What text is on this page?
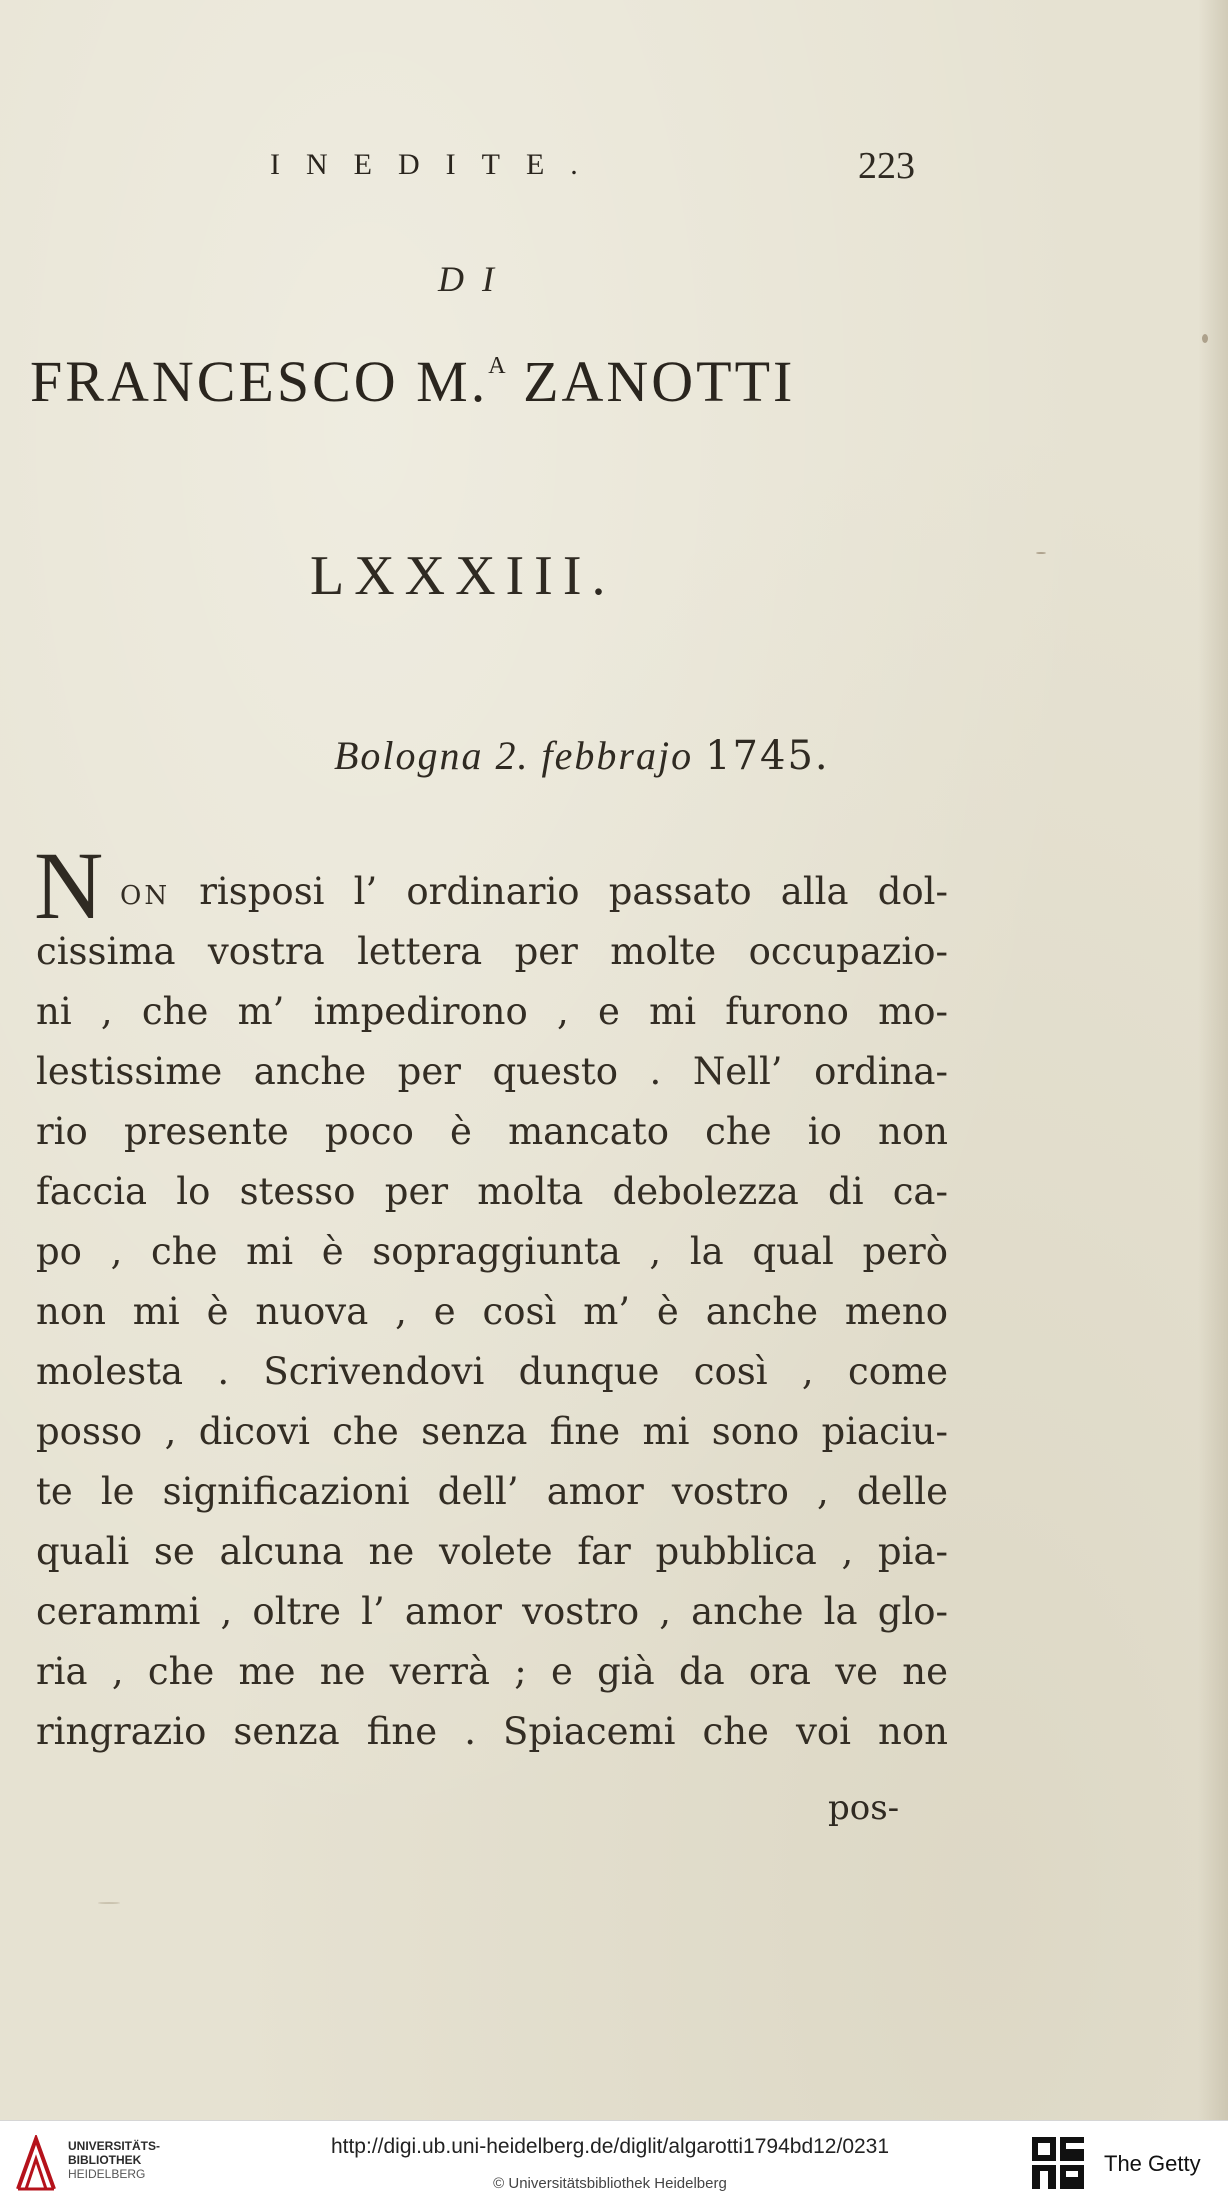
INEDITE.	223
DI
FRANCESCO M.$^A$ ZANOTTI
LXXXIII.
Bologna 2. febbrajo 1745.
N on risposi l’ ordinario passato alla dol-
cissima vostra lettera per molte occupazio-
ni , che m’ impedirono , e mi furono mo-
lestissime anche per questo . Nell’ ordina-
rio presente poco è mancato che io non
faccia lo stesso per molta debolezza di ca-
po , che mi è sopraggiunta , la qual però
non mi è nuova , e così m’ è anche meno
molesta . Scrivendovi dunque così , come
posso , dicovi che senza fine mi sono piaciu-
te le significazioni dell’ amor vostro , delle
quali se alcuna ne volete far pubblica , pia-
cerammi , oltre l’ amor vostro , anche la glo-
ria , che me ne verrà ; e già da ora ve ne
ringrazio senza fine . Spiacemi che voi non
pos-
UNIVERSITÄTS-
BIBLIOTHEK
HEIDELBERG
http://digi.ub.uni-heidelberg.de/diglit/algarotti1794bd12/0231
© Universitätsbibliothek Heidelberg
The Getty
